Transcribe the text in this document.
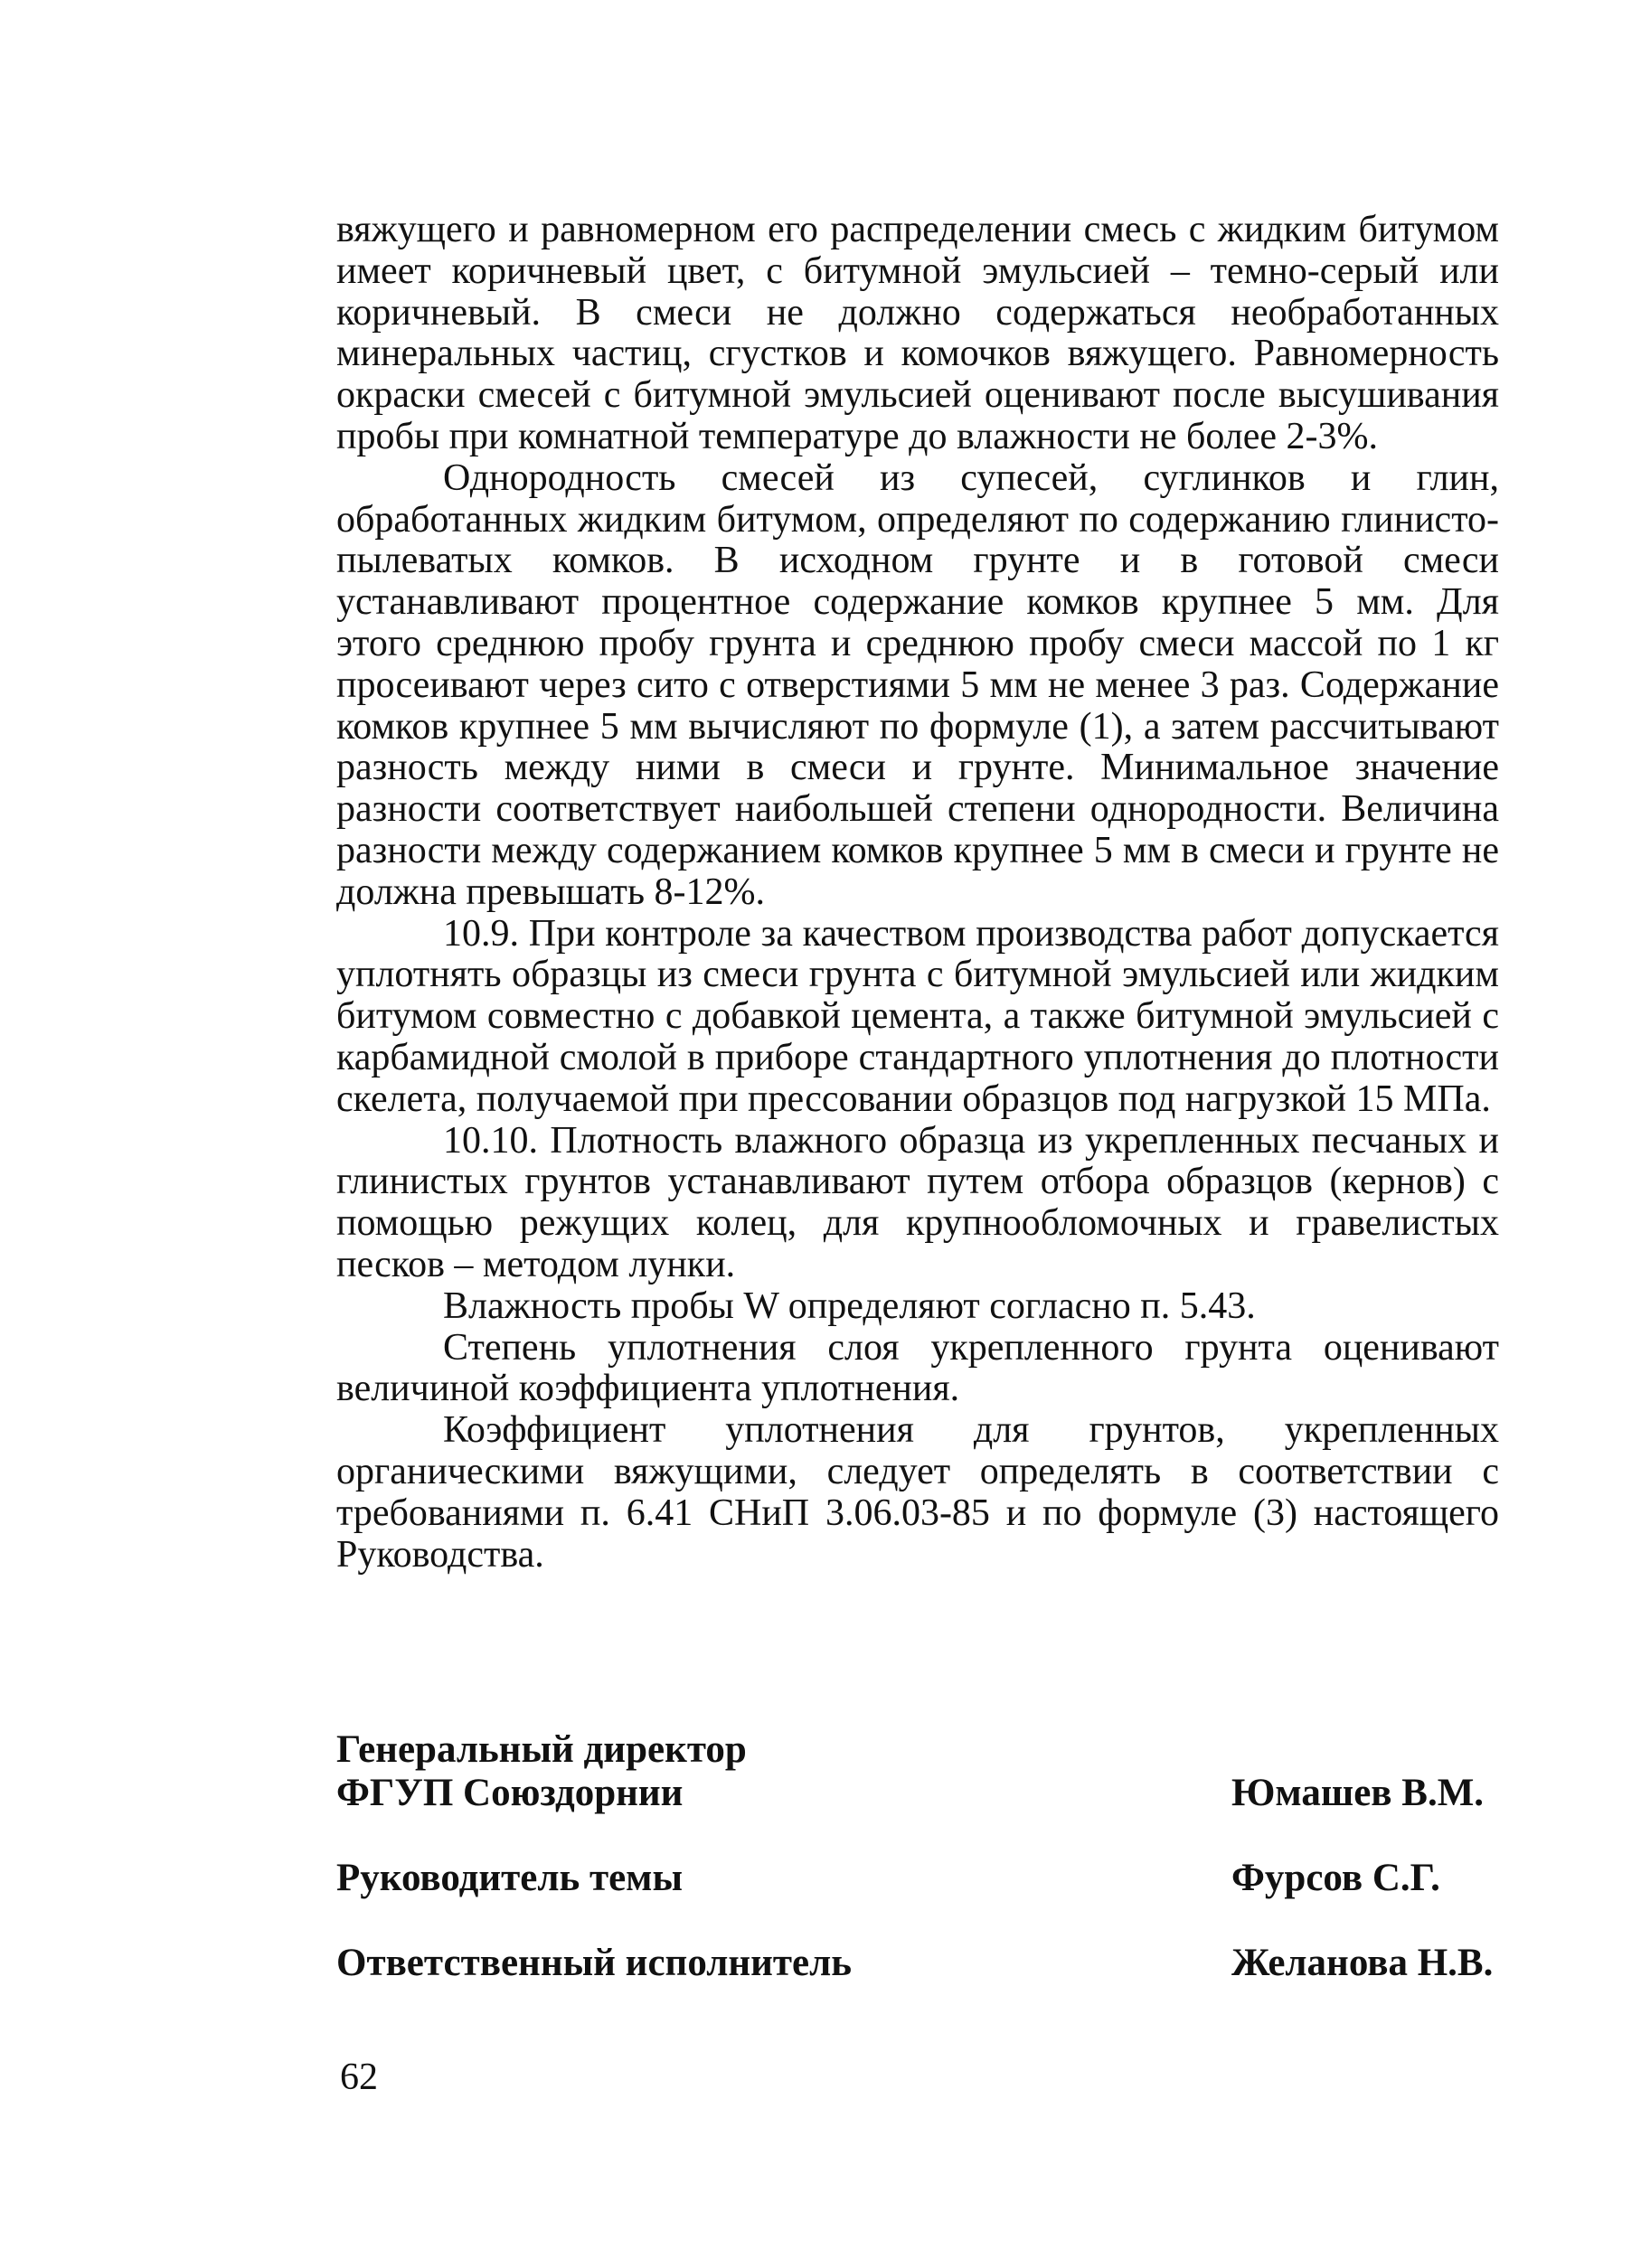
вяжущего и равномерном его распределении смесь с жидким битумом имеет коричневый цвет, с битумной эмульсией – темно-серый или коричневый. В смеси не должно содержаться необработанных минеральных частиц, сгустков и комочков вяжущего. Равномерность окраски смесей с битумной эмульсией оценивают после высушивания пробы при комнатной температуре до влажности не более 2-3%.

Однородность смесей из супесей, суглинков и глин, обработанных жидким битумом, определяют по содержанию глинисто-пылеватых комков. В исходном грунте и в готовой смеси устанавливают процентное содержание комков крупнее 5 мм. Для этого среднюю пробу грунта и среднюю пробу смеси массой по 1 кг просеивают через сито с отверстиями 5 мм не менее 3 раз. Содержание комков крупнее 5 мм вычисляют по формуле (1), а затем рассчитывают разность между ними в смеси и грунте. Минимальное значение разности соответствует наибольшей степени однородности. Величина разности между содержанием комков крупнее 5 мм в смеси и грунте не должна превышать 8-12%.

10.9. При контроле за качеством производства работ допускается уплотнять образцы из смеси грунта с битумной эмульсией или жидким битумом совместно с добавкой цемента, а также битумной эмульсией с карбамидной смолой в приборе стандартного уплотнения до плотности скелета, получаемой при прессовании образцов под нагрузкой 15 МПа.

10.10. Плотность влажного образца из укрепленных песчаных и глинистых грунтов устанавливают путем отбора образцов (кернов) с помощью режущих колец, для крупнообломочных и гравелистых песков – методом лунки.

Влажность пробы W определяют согласно п. 5.43.

Степень уплотнения слоя укрепленного грунта оценивают величиной коэффициента уплотнения.

Коэффициент уплотнения для грунтов, укрепленных органическими вяжущими, следует определять в соответствии с требованиями п. 6.41 СНиП 3.06.03-85 и по формуле (3) настоящего Руководства.

Генеральный директор
ФГУП Союздорнии	Юмашев В.М.
Руководитель темы	Фурсов С.Г.
Ответственный исполнитель	Желанова Н.В.
62
